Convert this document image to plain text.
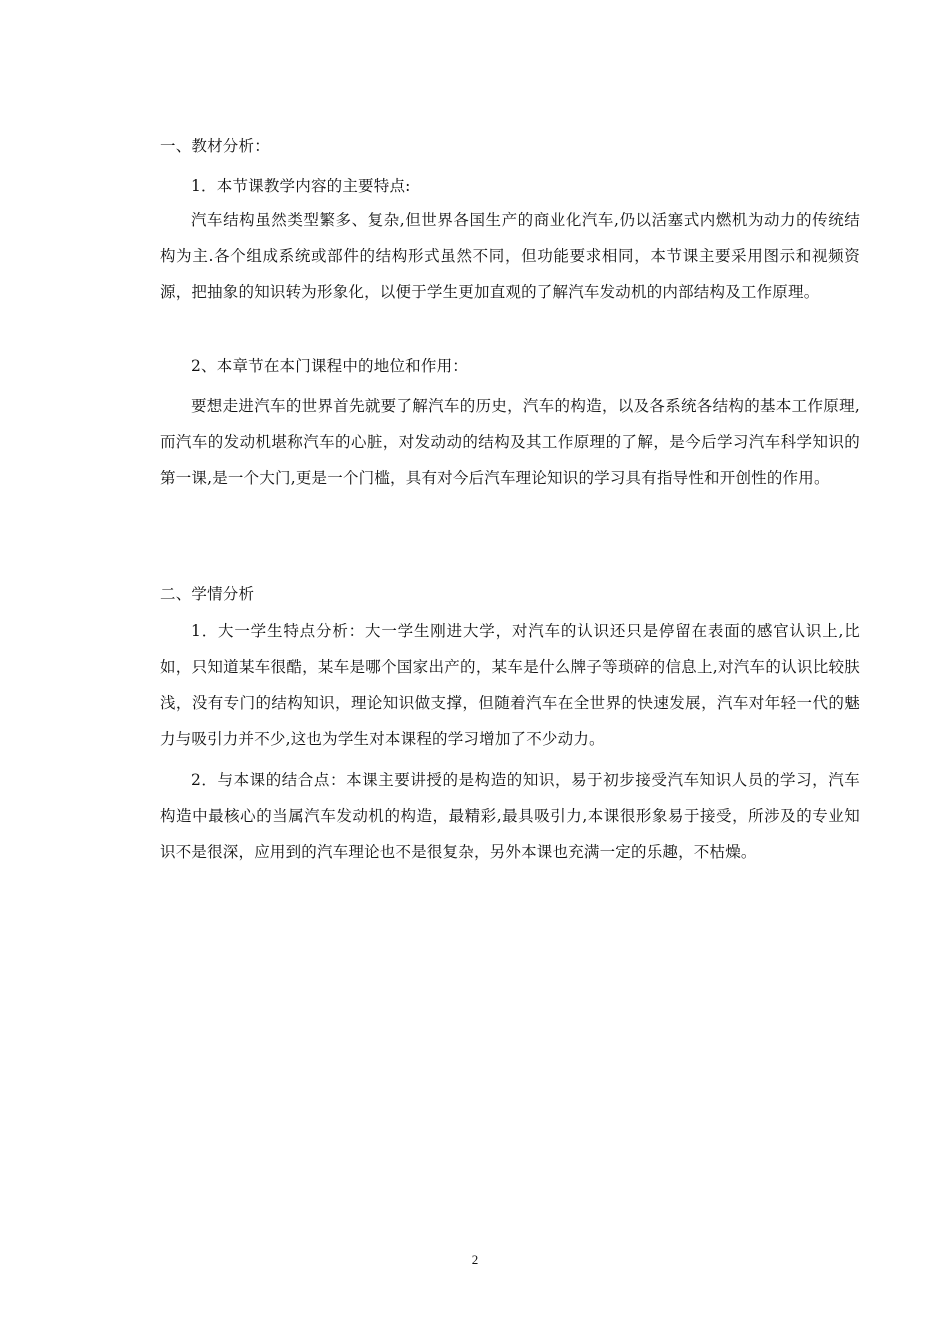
一、教材分析：
1．本节课教学内容的主要特点:
汽车结构虽然类型繁多、复杂,但世界各国生产的商业化汽车,仍以活塞式内燃机为动力的传统结构为主.各个组成系统或部件的结构形式虽然不同，但功能要求相同，本节课主要采用图示和视频资源，把抽象的知识转为形象化，以便于学生更加直观的了解汽车发动机的内部结构及工作原理。
2、本章节在本门课程中的地位和作用：
要想走进汽车的世界首先就要了解汽车的历史，汽车的构造，以及各系统各结构的基本工作原理,而汽车的发动机堪称汽车的心脏，对发动动的结构及其工作原理的了解，是今后学习汽车科学知识的第一课,是一个大门,更是一个门槛，具有对今后汽车理论知识的学习具有指导性和开创性的作用。
二、学情分析
1．大一学生特点分析：大一学生刚进大学，对汽车的认识还只是停留在表面的感官认识上,比如，只知道某车很酷，某车是哪个国家出产的，某车是什么牌子等琐碎的信息上,对汽车的认识比较肤浅，没有专门的结构知识，理论知识做支撑，但随着汽车在全世界的快速发展，汽车对年轻一代的魅力与吸引力并不少,这也为学生对本课程的学习增加了不少动力。
2．与本课的结合点：本课主要讲授的是构造的知识，易于初步接受汽车知识人员的学习，汽车构造中最核心的当属汽车发动机的构造，最精彩,最具吸引力,本课很形象易于接受，所涉及的专业知识不是很深，应用到的汽车理论也不是很复杂，另外本课也充满一定的乐趣，不枯燥。
2
